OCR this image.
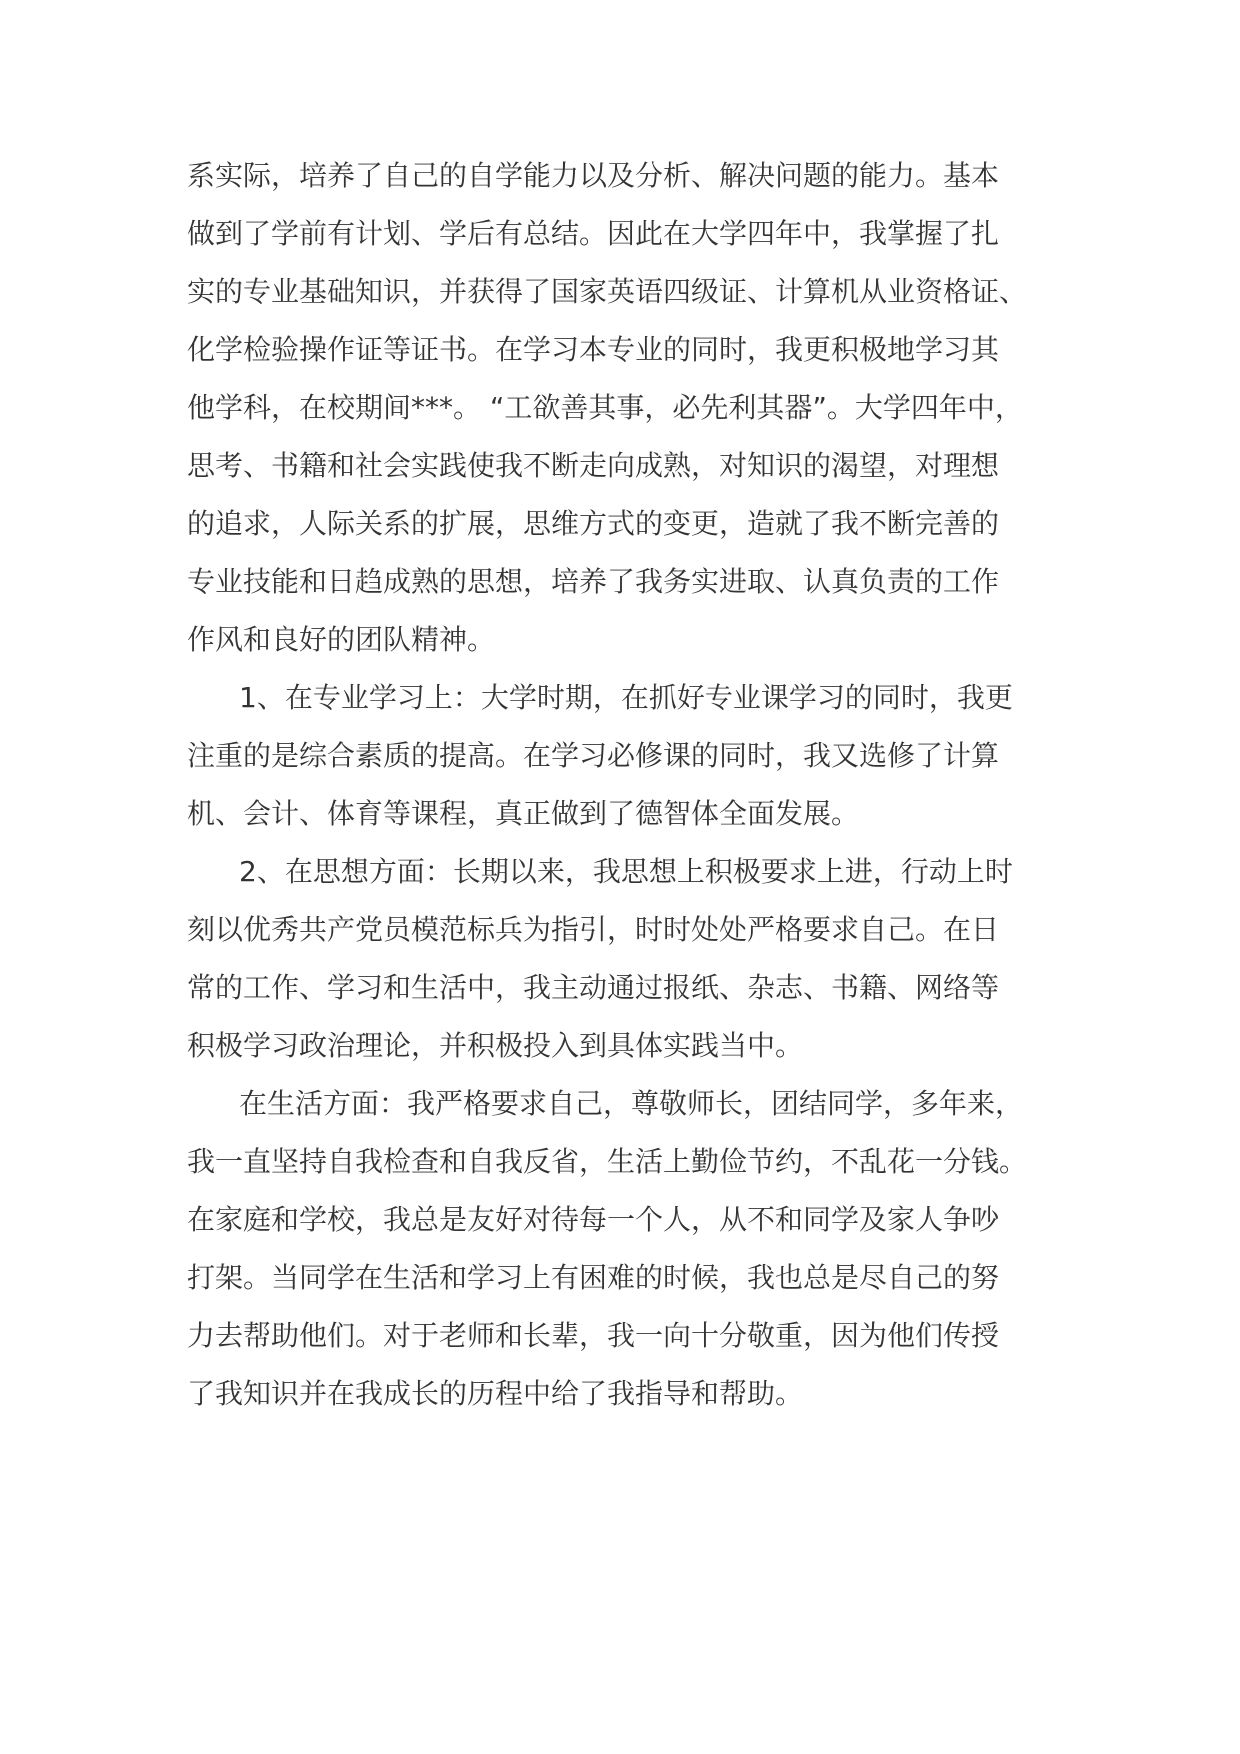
系实际，培养了自己的自学能力以及分析、解决问题的能力。基本

做到了学前有计划、学后有总结。因此在大学四年中，我掌握了扎

实的专业基础知识，并获得了国家英语四级证、计算机从业资格证、

化学检验操作证等证书。在学习本专业的同时，我更积极地学习其

他学科，在校期间***。 “工欲善其事，必先利其器”。大学四年中，

思考、书籍和社会实践使我不断走向成熟，对知识的渴望，对理想

的追求，人际关系的扩展，思维方式的变更，造就了我不断完善的

专业技能和日趋成熟的思想，培养了我务实进取、认真负责的工作

作风和良好的团队精神。

1、在专业学习上：大学时期，在抓好专业课学习的同时，我更

注重的是综合素质的提高。在学习必修课的同时，我又选修了计算

机、会计、体育等课程，真正做到了德智体全面发展。

2、在思想方面：长期以来，我思想上积极要求上进，行动上时

刻以优秀共产党员模范标兵为指引，时时处处严格要求自己。在日

常的工作、学习和生活中，我主动通过报纸、杂志、书籍、网络等

积极学习政治理论，并积极投入到具体实践当中。

在生活方面：我严格要求自己，尊敬师长，团结同学，多年来，

我一直坚持自我检查和自我反省，生活上勤俭节约，不乱花一分钱。

在家庭和学校，我总是友好对待每一个人，从不和同学及家人争吵

打架。当同学在生活和学习上有困难的时候，我也总是尽自己的努

力去帮助他们。对于老师和长辈，我一向十分敬重，因为他们传授

了我知识并在我成长的历程中给了我指导和帮助。
